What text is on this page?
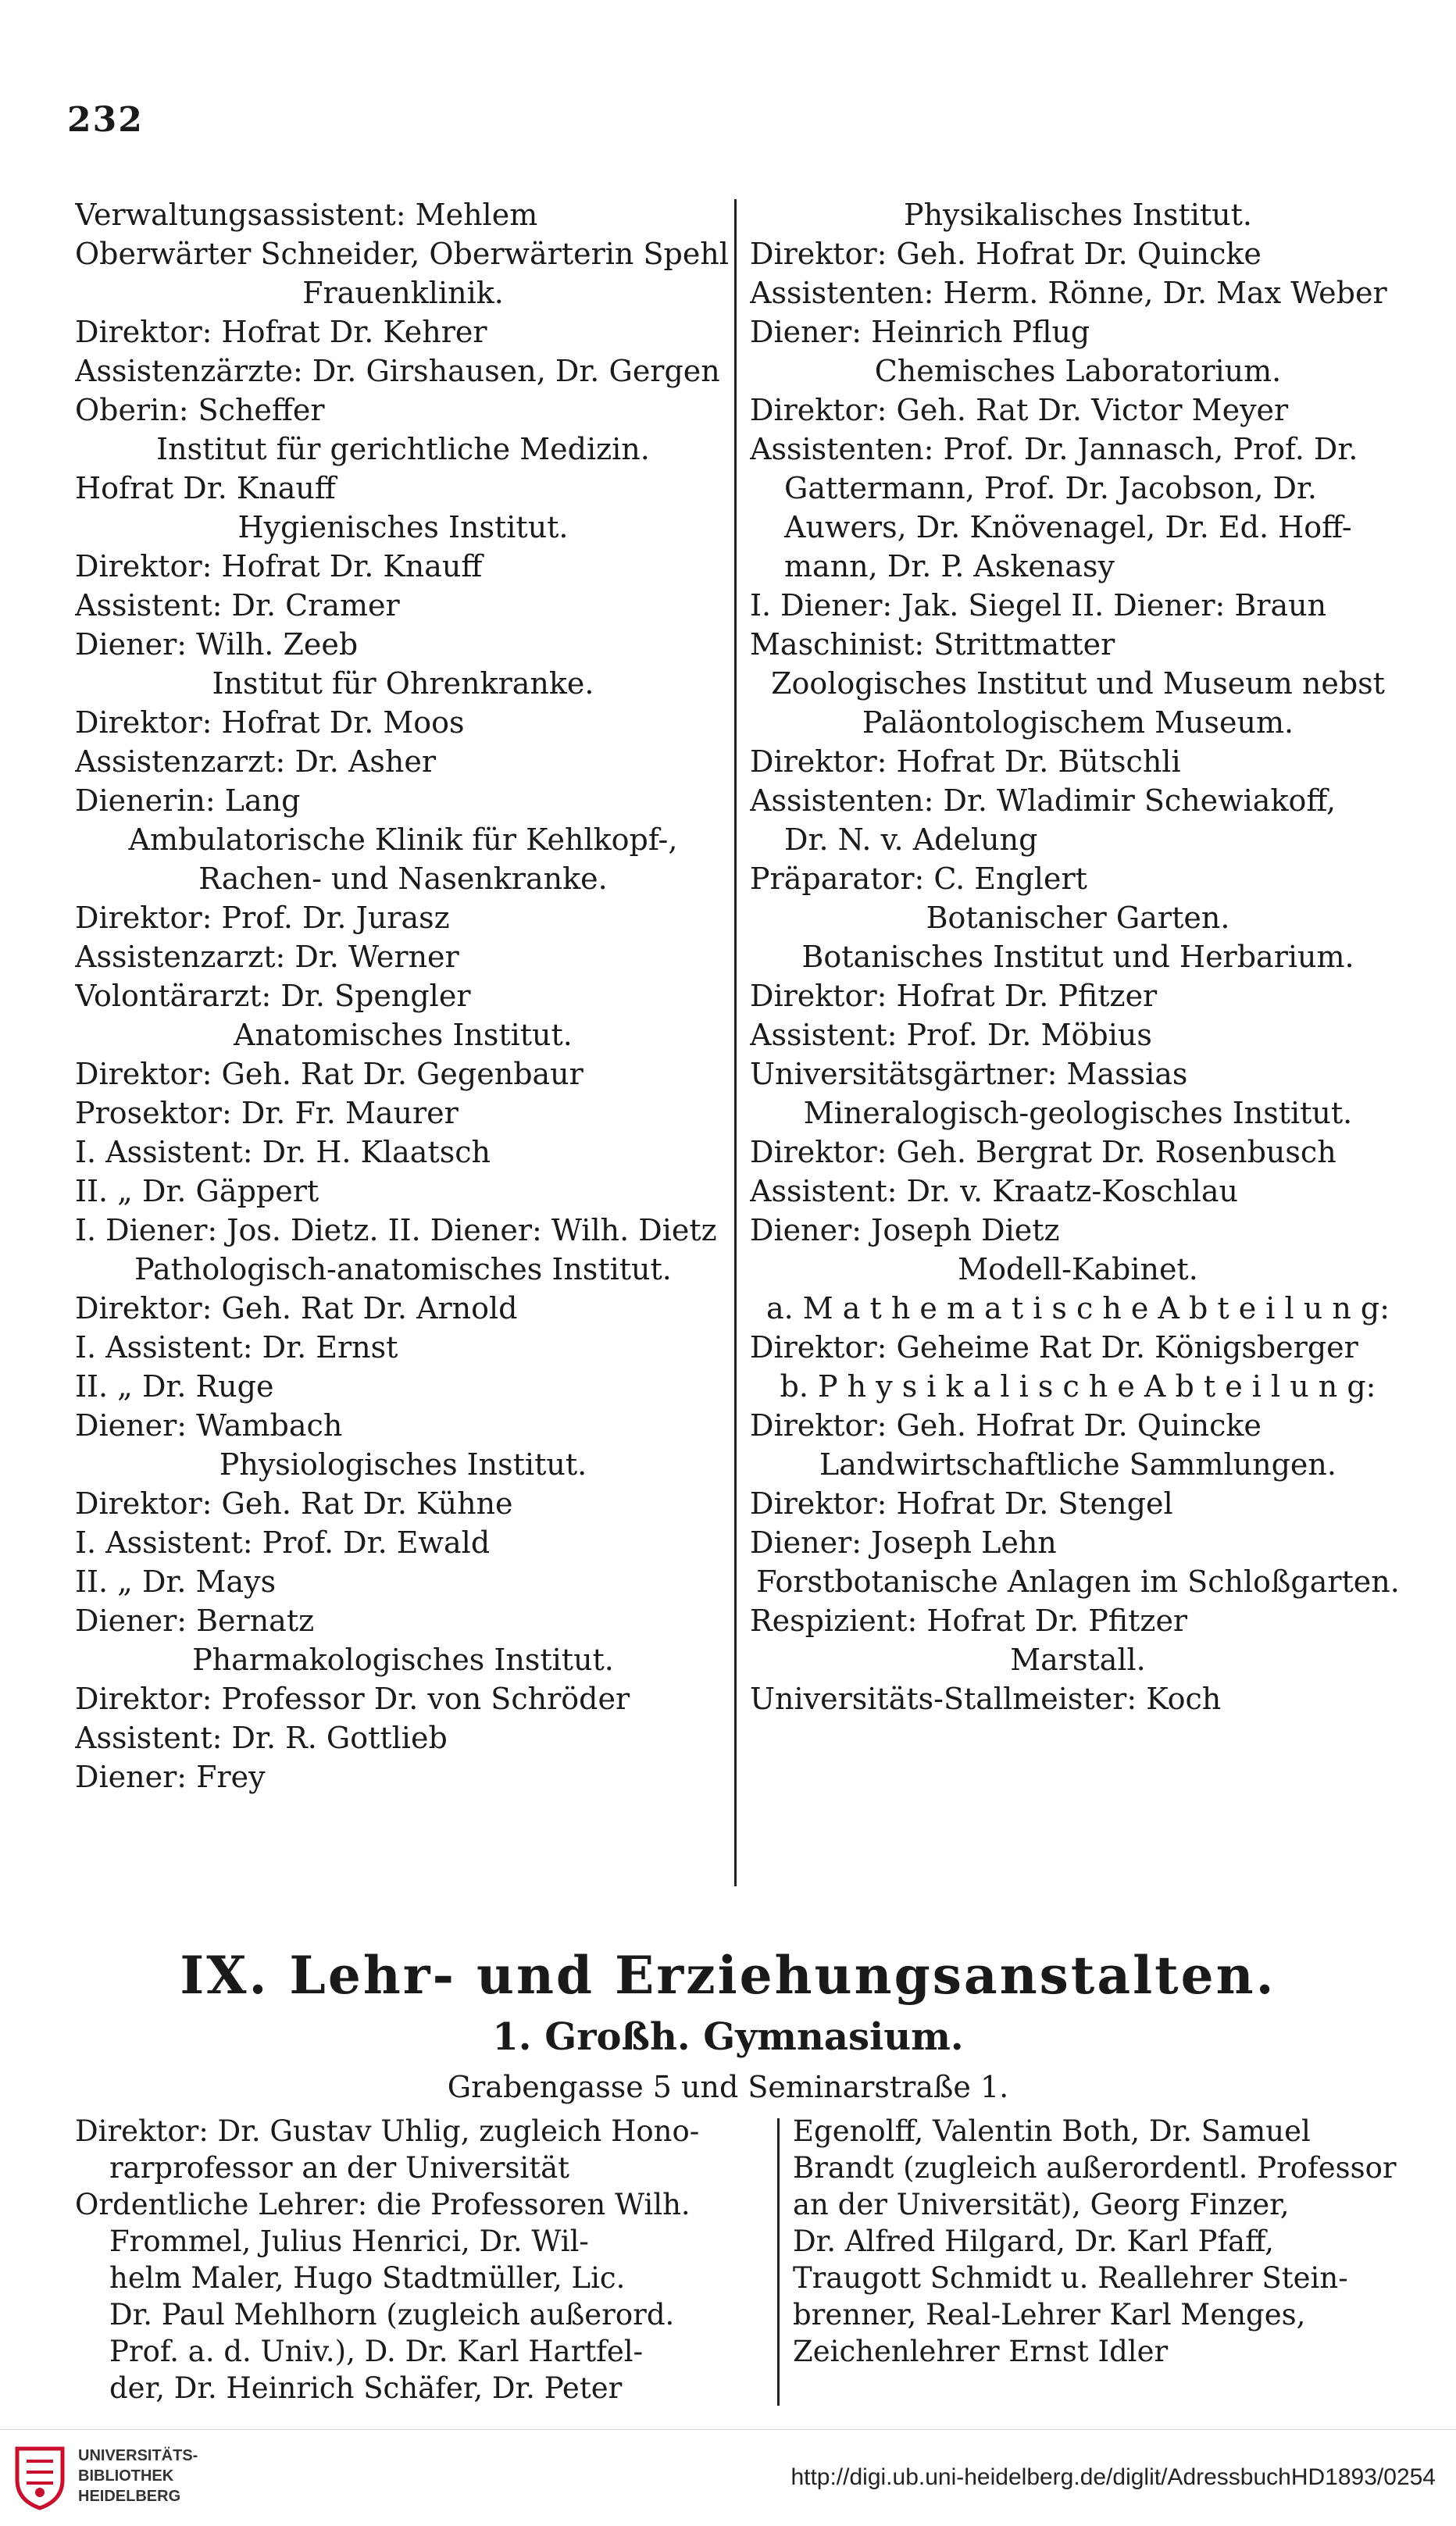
232
Verwaltungsassistent: Mehlem
Oberwärter Schneider, Oberwärterin Spehl
Frauenklinik.
Direktor: Hofrat Dr. Kehrer
Assistenzärzte: Dr. Girshausen, Dr. Gergen
Oberin: Scheffer
Institut für gerichtliche Medizin.
Hofrat Dr. Knauff
Hygienisches Institut.
Direktor: Hofrat Dr. Knauff
Assistent: Dr. Cramer
Diener: Wilh. Zeeb
Institut für Ohrenkranke.
Direktor: Hofrat Dr. Moos
Assistenzarzt: Dr. Asher
Dienerin: Lang
Ambulatorische Klinik für Kehlkopf-,
Rachen- und Nasenkranke.
Direktor: Prof. Dr. Jurasz
Assistenzarzt: Dr. Werner
Volontärarzt: Dr. Spengler
Anatomisches Institut.
Direktor: Geh. Rat Dr. Gegenbaur
Prosektor: Dr. Fr. Maurer
I. Assistent: Dr. H. Klaatsch
II. „ Dr. Gäppert
I. Diener: Jos. Dietz. II. Diener: Wilh. Dietz
Pathologisch-anatomisches Institut.
Direktor: Geh. Rat Dr. Arnold
I. Assistent: Dr. Ernst
II. „ Dr. Ruge
Diener: Wambach
Physiologisches Institut.
Direktor: Geh. Rat Dr. Kühne
I. Assistent: Prof. Dr. Ewald
II. „ Dr. Mays
Diener: Bernatz
Pharmakologisches Institut.
Direktor: Professor Dr. von Schröder
Assistent: Dr. R. Gottlieb
Diener: Frey
Physikalisches Institut.
Direktor: Geh. Hofrat Dr. Quincke
Assistenten: Herm. Rönne, Dr. Max Weber
Diener: Heinrich Pflug
Chemisches Laboratorium.
Direktor: Geh. Rat Dr. Victor Meyer
Assistenten: Prof. Dr. Jannasch, Prof. Dr.
Gattermann, Prof. Dr. Jacobson, Dr.
Auwers, Dr. Knövenagel, Dr. Ed. Hoff-
mann, Dr. P. Askenasy
I. Diener: Jak. Siegel II. Diener: Braun
Maschinist: Strittmatter
Zoologisches Institut und Museum nebst
Paläontologischem Museum.
Direktor: Hofrat Dr. Bütschli
Assistenten: Dr. Wladimir Schewiakoff,
Dr. N. v. Adelung
Präparator: C. Englert
Botanischer Garten.
Botanisches Institut und Herbarium.
Direktor: Hofrat Dr. Pfitzer
Assistent: Prof. Dr. Möbius
Universitätsgärtner: Massias
Mineralogisch-geologisches Institut.
Direktor: Geh. Bergrat Dr. Rosenbusch
Assistent: Dr. v. Kraatz-Koschlau
Diener: Joseph Dietz
Modell-Kabinet.
a. M a t h e m a t i s c h e A b t e i l u n g:
Direktor: Geheime Rat Dr. Königsberger
b. P h y s i k a l i s c h e A b t e i l u n g:
Direktor: Geh. Hofrat Dr. Quincke
Landwirtschaftliche Sammlungen.
Direktor: Hofrat Dr. Stengel
Diener: Joseph Lehn
Forstbotanische Anlagen im Schloßgarten.
Respizient: Hofrat Dr. Pfitzer
Marstall.
Universitäts-Stallmeister: Koch
IX. Lehr- und Erziehungsanstalten.
1. Großh. Gymnasium.
Grabengasse 5 und Seminarstraße 1.
Direktor: Dr. Gustav Uhlig, zugleich Hono-
rarprofessor an der Universität
Ordentliche Lehrer: die Professoren Wilh.
Frommel, Julius Henrici, Dr. Wil-
helm Maler, Hugo Stadtmüller, Lic.
Dr. Paul Mehlhorn (zugleich außerord.
Prof. a. d. Univ.), D. Dr. Karl Hartfel-
der, Dr. Heinrich Schäfer, Dr. Peter
Egenolff, Valentin Both, Dr. Samuel
Brandt (zugleich außerordentl. Professor
an der Universität), Georg Finzer,
Dr. Alfred Hilgard, Dr. Karl Pfaff,
Traugott Schmidt u. Reallehrer Stein-
brenner, Real-Lehrer Karl Menges,
Zeichenlehrer Ernst Idler
UNIVERSITÄTS-
BIBLIOTHEK
HEIDELBERG
http://digi.ub.uni-heidelberg.de/diglit/AdressbuchHD1893/0254
